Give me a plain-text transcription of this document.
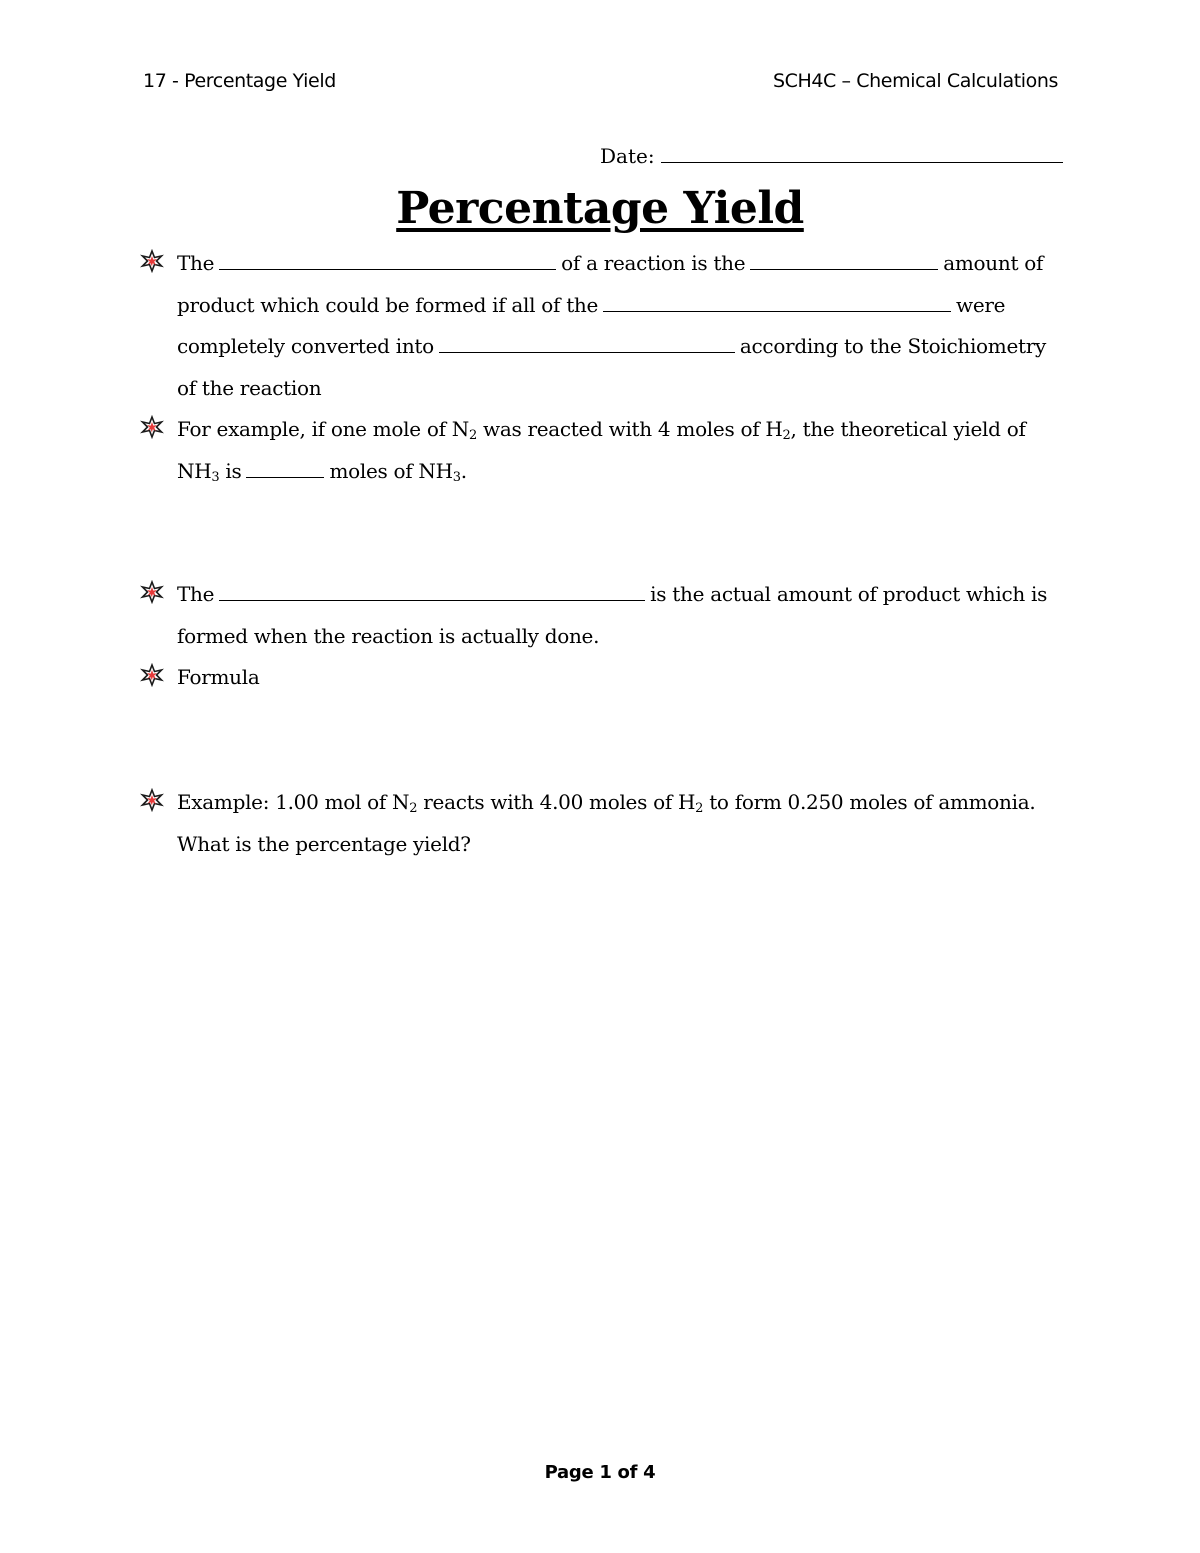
17 - Percentage Yield	SCH4C – Chemical Calculations
Date:
Percentage Yield
The	of a reaction is the	amount of
product which could be formed if all of the	were
completely converted into	according to the Stoichiometry
of the reaction
For example, if one mole of $N_2$ was reacted with 4 moles of $H_2$, the theoretical yield of
$NH_3$ is	moles of $NH_3$.
The	is the actual amount of product which is
formed when the reaction is actually done.
Formula
Example: 1.00 mol of $N_2$ reacts with 4.00 moles of $H_2$ to form 0.250 moles of ammonia.
What is the percentage yield?
Page 1 of 4
